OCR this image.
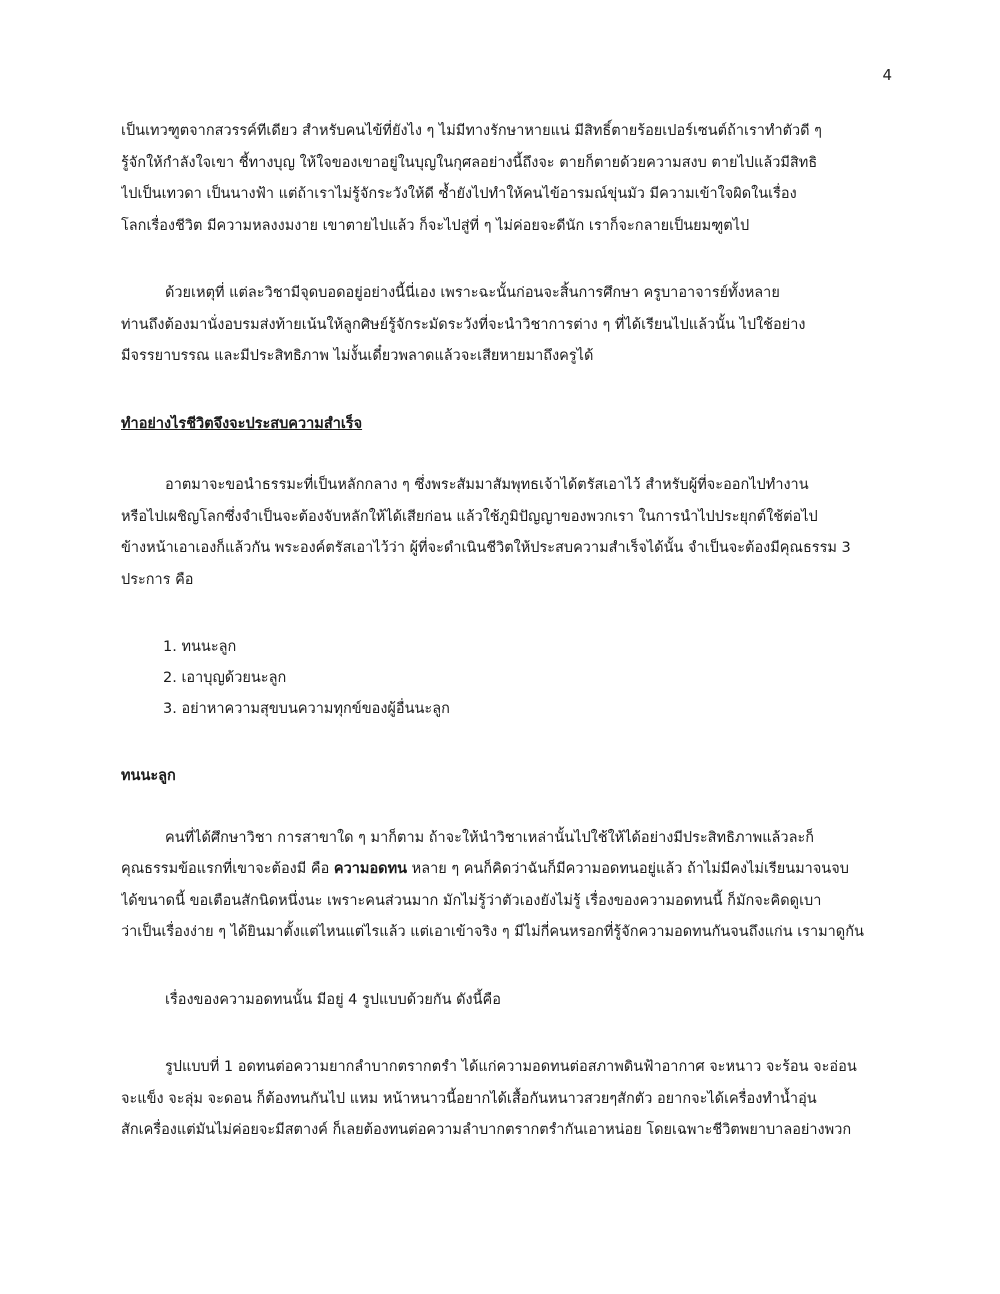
4
เป็นเทวฑูตจากสวรรค์ทีเดียว สำหรับคนไข้ที่ยังไง ๆ ไม่มีทางรักษาหายแน่ มีสิทธิ์ตายร้อยเปอร์เซนต์ถ้าเราทำตัวดี ๆ
รู้จักให้กำลังใจเขา ชี้ทางบุญ ให้ใจของเขาอยู่ในบุญในกุศลอย่างนี้ถึงจะ ตายก็ตายด้วยความสงบ ตายไปแล้วมีสิทธิ
ไปเป็นเทวดา เป็นนางฟ้า แต่ถ้าเราไม่รู้จักระวังให้ดี ซ้ำยังไปทำให้คนไข้อารมณ์ขุ่นมัว มีความเข้าใจผิดในเรื่อง
โลกเรื่องชีวิต มีความหลงงมงาย เขาตายไปแล้ว ก็จะไปสู่ที่ ๆ ไม่ค่อยจะดีนัก เราก็จะกลายเป็นยมฑูตไป
ด้วยเหตุที่ แต่ละวิชามีจุดบอดอยู่อย่างนี้นี่เอง เพราะฉะนั้นก่อนจะสิ้นการศึกษา ครูบาอาจารย์ทั้งหลาย
ท่านถึงต้องมานั่งอบรมส่งท้ายเน้นให้ลูกศิษย์รู้จักระมัดระวังที่จะนำวิชาการต่าง ๆ ที่ได้เรียนไปแล้วนั้น ไปใช้อย่าง
มีจรรยาบรรณ และมีประสิทธิภาพ ไม่งั้นเดี๋ยวพลาดแล้วจะเสียหายมาถึงครูได้

ทำอย่างไรชีวิตจึงจะประสบความสำเร็จ

อาตมาจะขอนำธรรมะที่เป็นหลักกลาง ๆ ซึ่งพระสัมมาสัมพุทธเจ้าได้ตรัสเอาไว้ สำหรับผู้ที่จะออกไปทำงาน
หรือไปเผชิญโลกซึ่งจำเป็นจะต้องจับหลักให้ได้เสียก่อน แล้วใช้ภูมิปัญญาของพวกเรา ในการนำไปประยุกต์ใช้ต่อไป
ข้างหน้าเอาเองก็แล้วกัน พระองค์ตรัสเอาไว้ว่า ผู้ที่จะดำเนินชีวิตให้ประสบความสำเร็จได้นั้น จำเป็นจะต้องมีคุณธรรม 3
ประการ คือ
1. ทนนะลูก
2. เอาบุญด้วยนะลูก
3. อย่าหาความสุขบนความทุกข์ของผู้อื่นนะลูก

ทนนะลูก

คนที่ได้ศึกษาวิชา การสาขาใด ๆ มาก็ตาม ถ้าจะให้นำวิชาเหล่านั้นไปใช้ให้ได้อย่างมีประสิทธิภาพแล้วละก็
คุณธรรมข้อแรกที่เขาจะต้องมี คือ ความอดทน หลาย ๆ คนก็คิดว่าฉันก็มีความอดทนอยู่แล้ว ถ้าไม่มีคงไม่เรียนมาจนจบ
ได้ขนาดนี้ ขอเตือนสักนิดหนึ่งนะ เพราะคนส่วนมาก มักไม่รู้ว่าตัวเองยังไม่รู้ เรื่องของความอดทนนี้ ก็มักจะคิดดูเบา
ว่าเป็นเรื่องง่าย ๆ ได้ยินมาตั้งแต่ไหนแต่ไรแล้ว แต่เอาเข้าจริง ๆ มีไม่กี่คนหรอกที่รู้จักความอดทนกันจนถึงแก่น เรามาดูกัน
เรื่องของความอดทนนั้น มีอยู่ 4 รูปแบบด้วยกัน ดังนี้คือ
รูปแบบที่ 1 อดทนต่อความยากลำบากตรากตรำ ได้แก่ความอดทนต่อสภาพดินฟ้าอากาศ จะหนาว จะร้อน จะอ่อน
จะแข็ง จะลุ่ม จะดอน ก็ต้องทนกันไป แหม หน้าหนาวนี้อยากได้เสื้อกันหนาวสวยๆสักตัว อยากจะได้เครื่องทำน้ำอุ่น
สักเครื่องแต่มันไม่ค่อยจะมีสตางค์ ก็เลยต้องทนต่อความลำบากตรากตรำกันเอาหน่อย โดยเฉพาะชีวิตพยาบาลอย่างพวก
